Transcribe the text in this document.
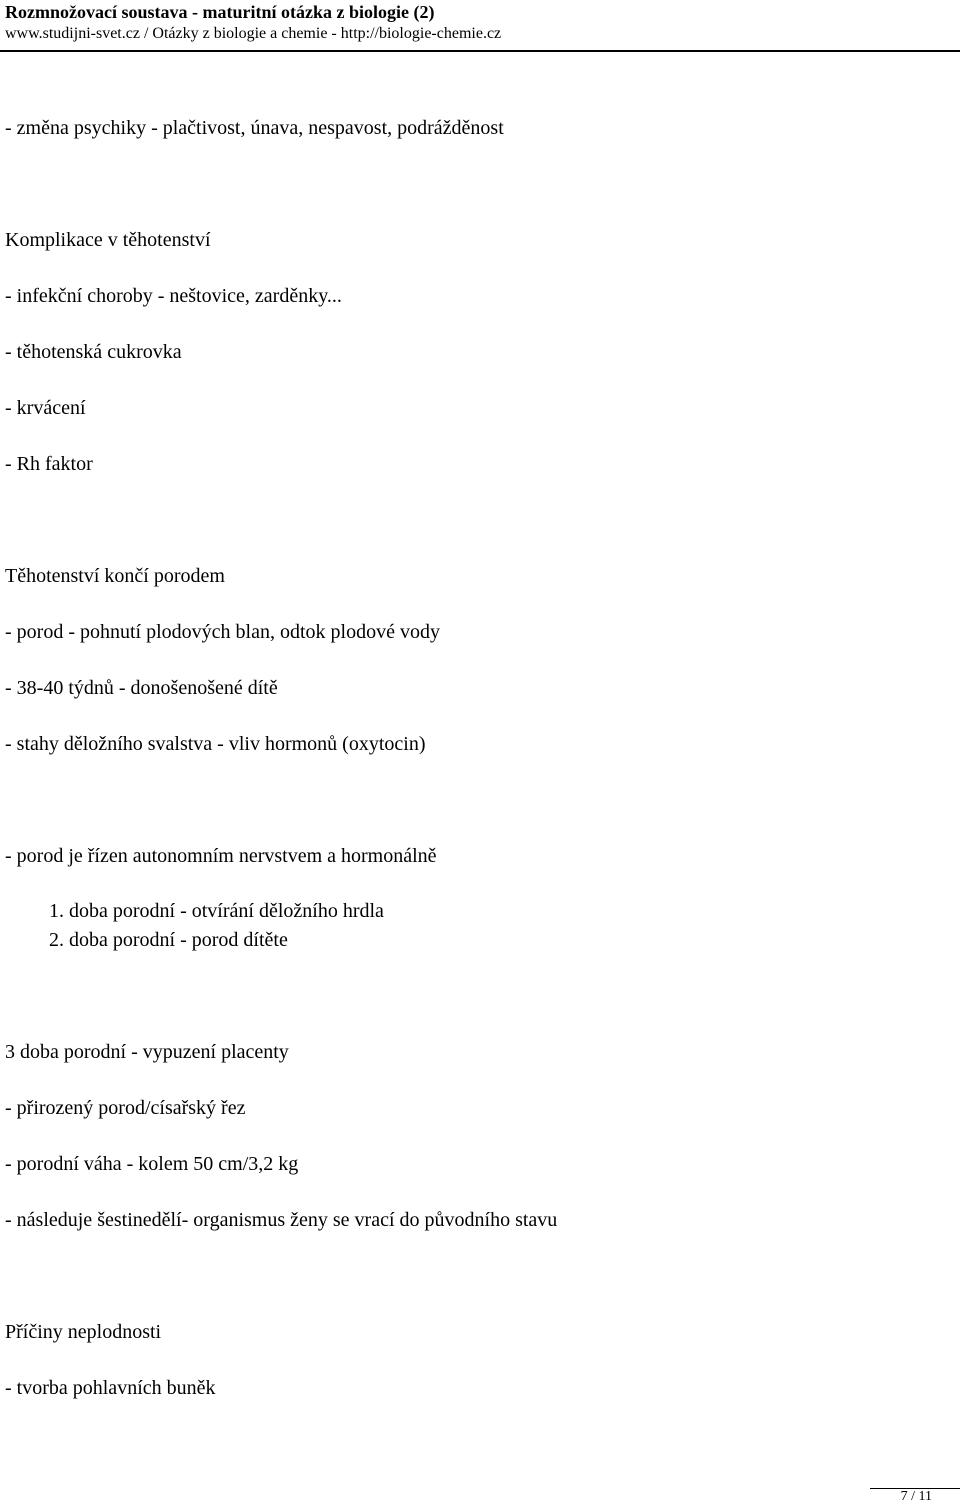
Rozmnožovací soustava - maturitní otázka z biologie (2)
www.studijni-svet.cz / Otázky z biologie a chemie - http://biologie-chemie.cz
- změna psychiky - plačtivost, únava, nespavost, podrážděnost
Komplikace v těhotenství
- infekční choroby - neštovice, zarděnky...
- těhotenská cukrovka
- krvácení
- Rh faktor
Těhotenství končí porodem
- porod - pohnutí plodových blan, odtok plodové vody
- 38-40 týdnů - donošenošené dítě
- stahy děložního svalstva - vliv hormonů (oxytocin)
- porod je řízen autonomním nervstvem a hormonálně
1. doba porodní - otvírání děložního hrdla
2. doba porodní - porod dítěte
3 doba porodní - vypuzení placenty
- přirozený porod/císařský řez
- porodní váha - kolem 50 cm/3,2 kg
- následuje šestinedělí- organismus ženy se vrací do původního stavu
Příčiny neplodnosti
- tvorba pohlavních buněk
7 / 11
